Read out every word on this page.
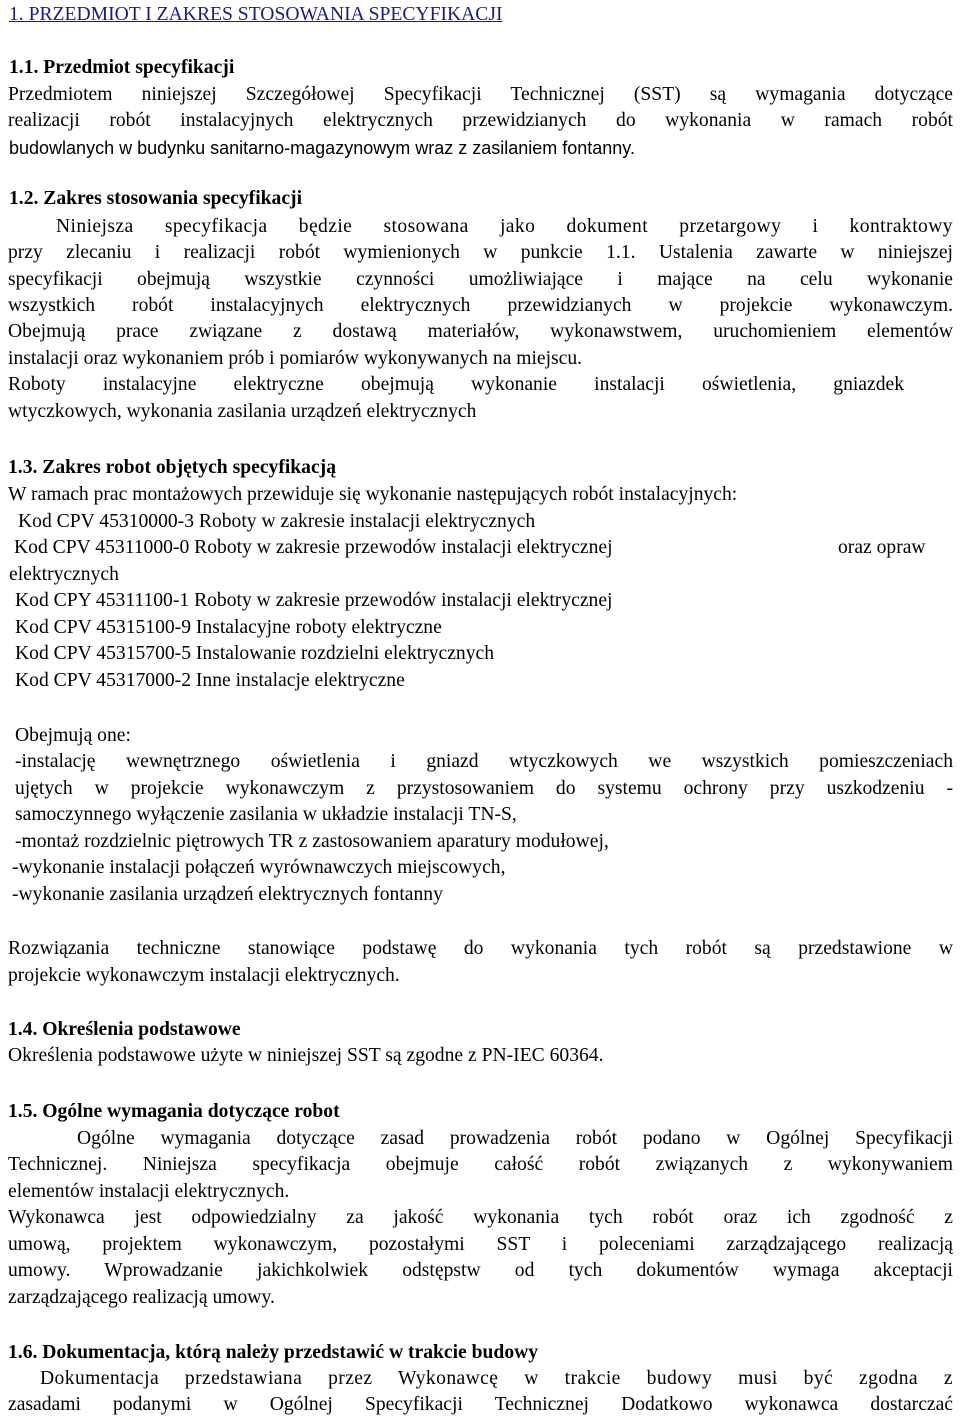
1. PRZEDMIOT I ZAKRES STOSOWANIA SPECYFIKACJI
1.1. Przedmiot specyfikacji
Przedmiotem niniejszej Szczegółowej Specyfikacji Technicznej (SST) są wymagania dotyczące
realizacji robót instalacyjnych elektrycznych przewidzianych do wykonania w ramach robót
budowlanych w budynku sanitarno-magazynowym wraz z zasilaniem fontanny.
1.2. Zakres stosowania specyfikacji
Niniejsza specyfikacja będzie stosowana jako dokument przetargowy i kontraktowy
przy zlecaniu i realizacji robót wymienionych w punkcie 1.1. Ustalenia zawarte w niniejszej
specyfikacji obejmują wszystkie czynności umożliwiające i mające na celu wykonanie
wszystkich robót instalacyjnych elektrycznych przewidzianych w projekcie wykonawczym.
Obejmują prace związane z dostawą materiałów, wykonawstwem, uruchomieniem elementów
instalacji oraz wykonaniem prób i pomiarów wykonywanych na miejscu.
Roboty instalacyjne elektryczne obejmują wykonanie instalacji oświetlenia, gniazdek
wtyczkowych, wykonania zasilania urządzeń elektrycznych
1.3. Zakres robot objętych specyfikacją
W ramach prac montażowych przewiduje się wykonanie następujących robót instalacyjnych:
Kod CPV 45310000-3 Roboty w zakresie instalacji elektrycznych
Kod CPV 45311000-0 Roboty w zakresie przewodów instalacji elektrycznej	oraz opraw
elektrycznych
Kod CPY 45311100-1 Roboty w zakresie przewodów instalacji elektrycznej
Kod CPV 45315100-9 Instalacyjne roboty elektryczne
Kod CPV 45315700-5 Instalowanie rozdzielni elektrycznych
Kod CPV 45317000-2 Inne instalacje elektryczne
Obejmują one:
-instalację wewnętrznego oświetlenia i gniazd wtyczkowych we wszystkich pomieszczeniach
ujętych w projekcie wykonawczym z przystosowaniem do systemu ochrony przy uszkodzeniu -
samoczynnego wyłączenie zasilania w układzie instalacji TN-S,
-montaż rozdzielnic piętrowych TR z zastosowaniem aparatury modułowej,
-wykonanie instalacji połączeń wyrównawczych miejscowych,
-wykonanie zasilania urządzeń elektrycznych fontanny
Rozwiązania techniczne stanowiące podstawę do wykonania tych robót są przedstawione w
projekcie wykonawczym instalacji elektrycznych.
1.4. Określenia podstawowe
Określenia podstawowe użyte w niniejszej SST są zgodne z PN-IEC 60364.
1.5. Ogólne wymagania dotyczące robot
Ogólne wymagania dotyczące zasad prowadzenia robót podano w Ogólnej Specyfikacji
Technicznej. Niniejsza specyfikacja obejmuje całość robót związanych z wykonywaniem
elementów instalacji elektrycznych.
Wykonawca jest odpowiedzialny za jakość wykonania tych robót oraz ich zgodność z
umową, projektem wykonawczym, pozostałymi SST i poleceniami zarządzającego realizacją
umowy. Wprowadzanie jakichkolwiek odstępstw od tych dokumentów wymaga akceptacji
zarządzającego realizacją umowy.
1.6. Dokumentacja, którą należy przedstawić w trakcie budowy
Dokumentacja przedstawiana przez Wykonawcę w trakcie budowy musi być zgodna z
zasadami podanymi w Ogólnej Specyfikacji Technicznej Dodatkowo wykonawca dostarczać
